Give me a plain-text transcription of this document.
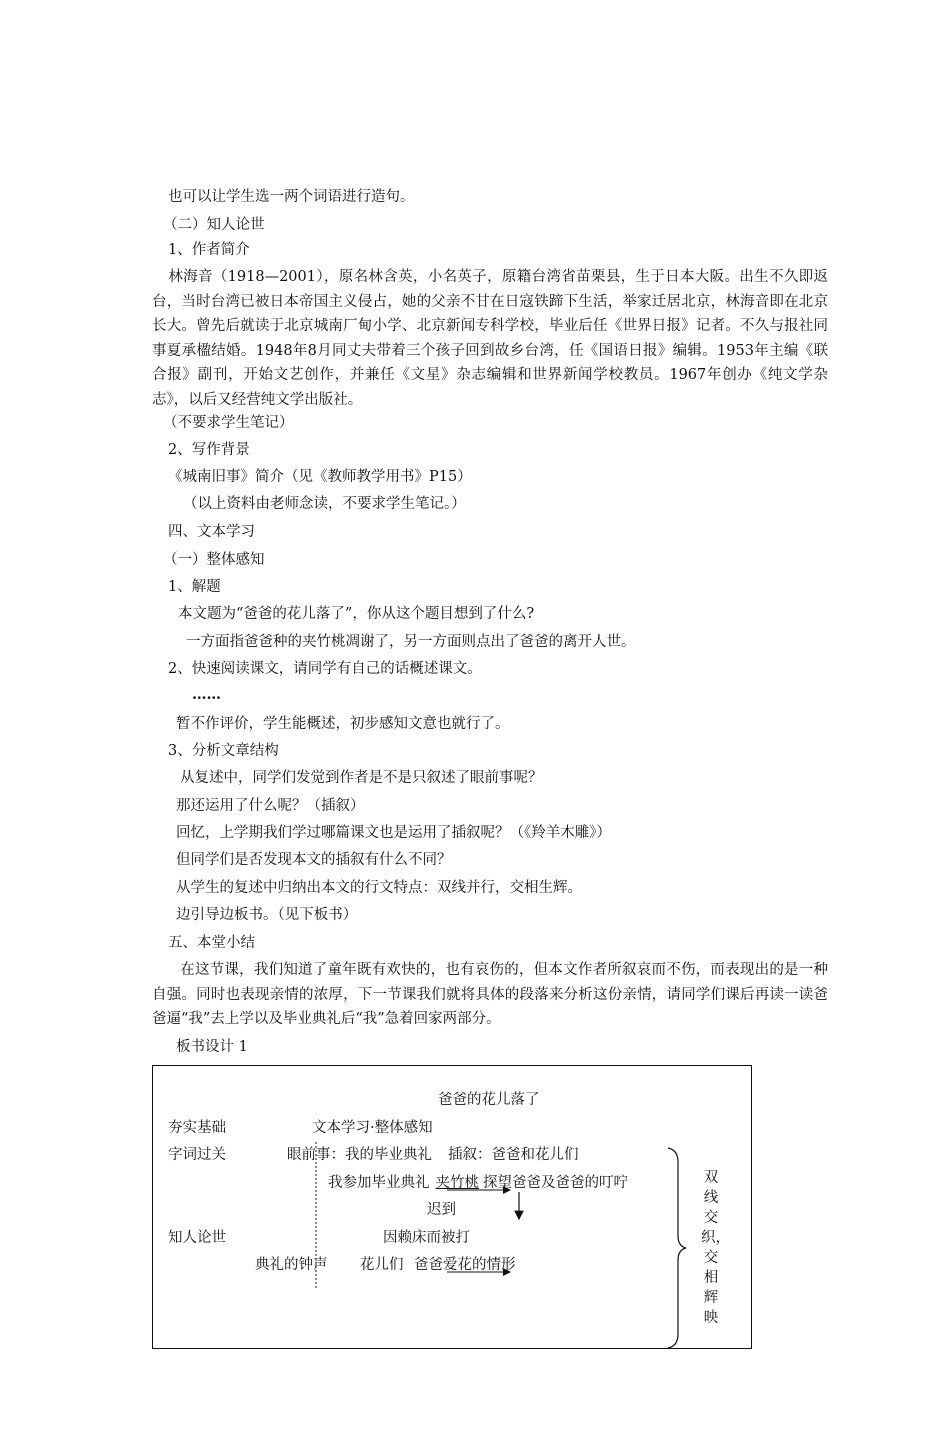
也可以让学生选一两个词语进行造句。
（二）知人论世
1、作者简介
林海音（1918—2001），原名林含英，小名英子，原籍台湾省苗栗县，生于日本大阪。出生不久即返台，当时台湾已被日本帝国主义侵占，她的父亲不甘在日寇铁蹄下生活，举家迁居北京，林海音即在北京长大。曾先后就读于北京城南厂甸小学、北京新闻专科学校，毕业后任《世界日报》记者。不久与报社同事夏承楹结婚。1948年8月同丈夫带着三个孩子回到故乡台湾，任《国语日报》编辑。1953年主编《联合报》副刊，开始文艺创作，并兼任《文星》杂志编辑和世界新闻学校教员。1967年创办《纯文学杂志》，以后又经营纯文学出版社。
（不要求学生笔记）
2、写作背景
《城南旧事》简介（见《教师教学用书》P15）
（以上资料由老师念读，不要求学生笔记。）
四、文本学习
（一）整体感知
1、解题
本文题为“爸爸的花儿落了”，你从这个题目想到了什么?
一方面指爸爸种的夹竹桃凋谢了，另一方面则点出了爸爸的离开人世。
2、快速阅读课文，请同学有自己的话概述课文。
……
暂不作评价，学生能概述，初步感知文意也就行了。
3、分析文章结构
从复述中，同学们发觉到作者是不是只叙述了眼前事呢？
那还运用了什么呢？（插叙）
回忆，上学期我们学过哪篇课文也是运用了插叙呢？（《羚羊木雕》）
但同学们是否发现本文的插叙有什么不同？
从学生的复述中归纳出本文的行文特点：双线并行，交相生辉。
边引导边板书。（见下板书）
五、本堂小结
在这节课，我们知道了童年既有欢快的，也有哀伤的，但本文作者所叙哀而不伤，而表现出的是一种自强。同时也表现亲情的浓厚，下一节课我们就将具体的段落来分析这份亲情，请同学们课后再读一读爸爸逼“我”去上学以及毕业典礼后“我”急着回家两部分。
板书设计 1
爸爸的花儿落了
夯实基础	文本学习·整体感知
字词过关	眼前事：我的毕业典礼 插叙：爸爸和花儿们
我参加毕业典礼 夹竹桃 探望爸爸及爸爸的叮咛
迟到
知人论世	因赖床而被打
典礼的钟声 花儿们 爸爸爱花的情形
双线交织，交相辉映
